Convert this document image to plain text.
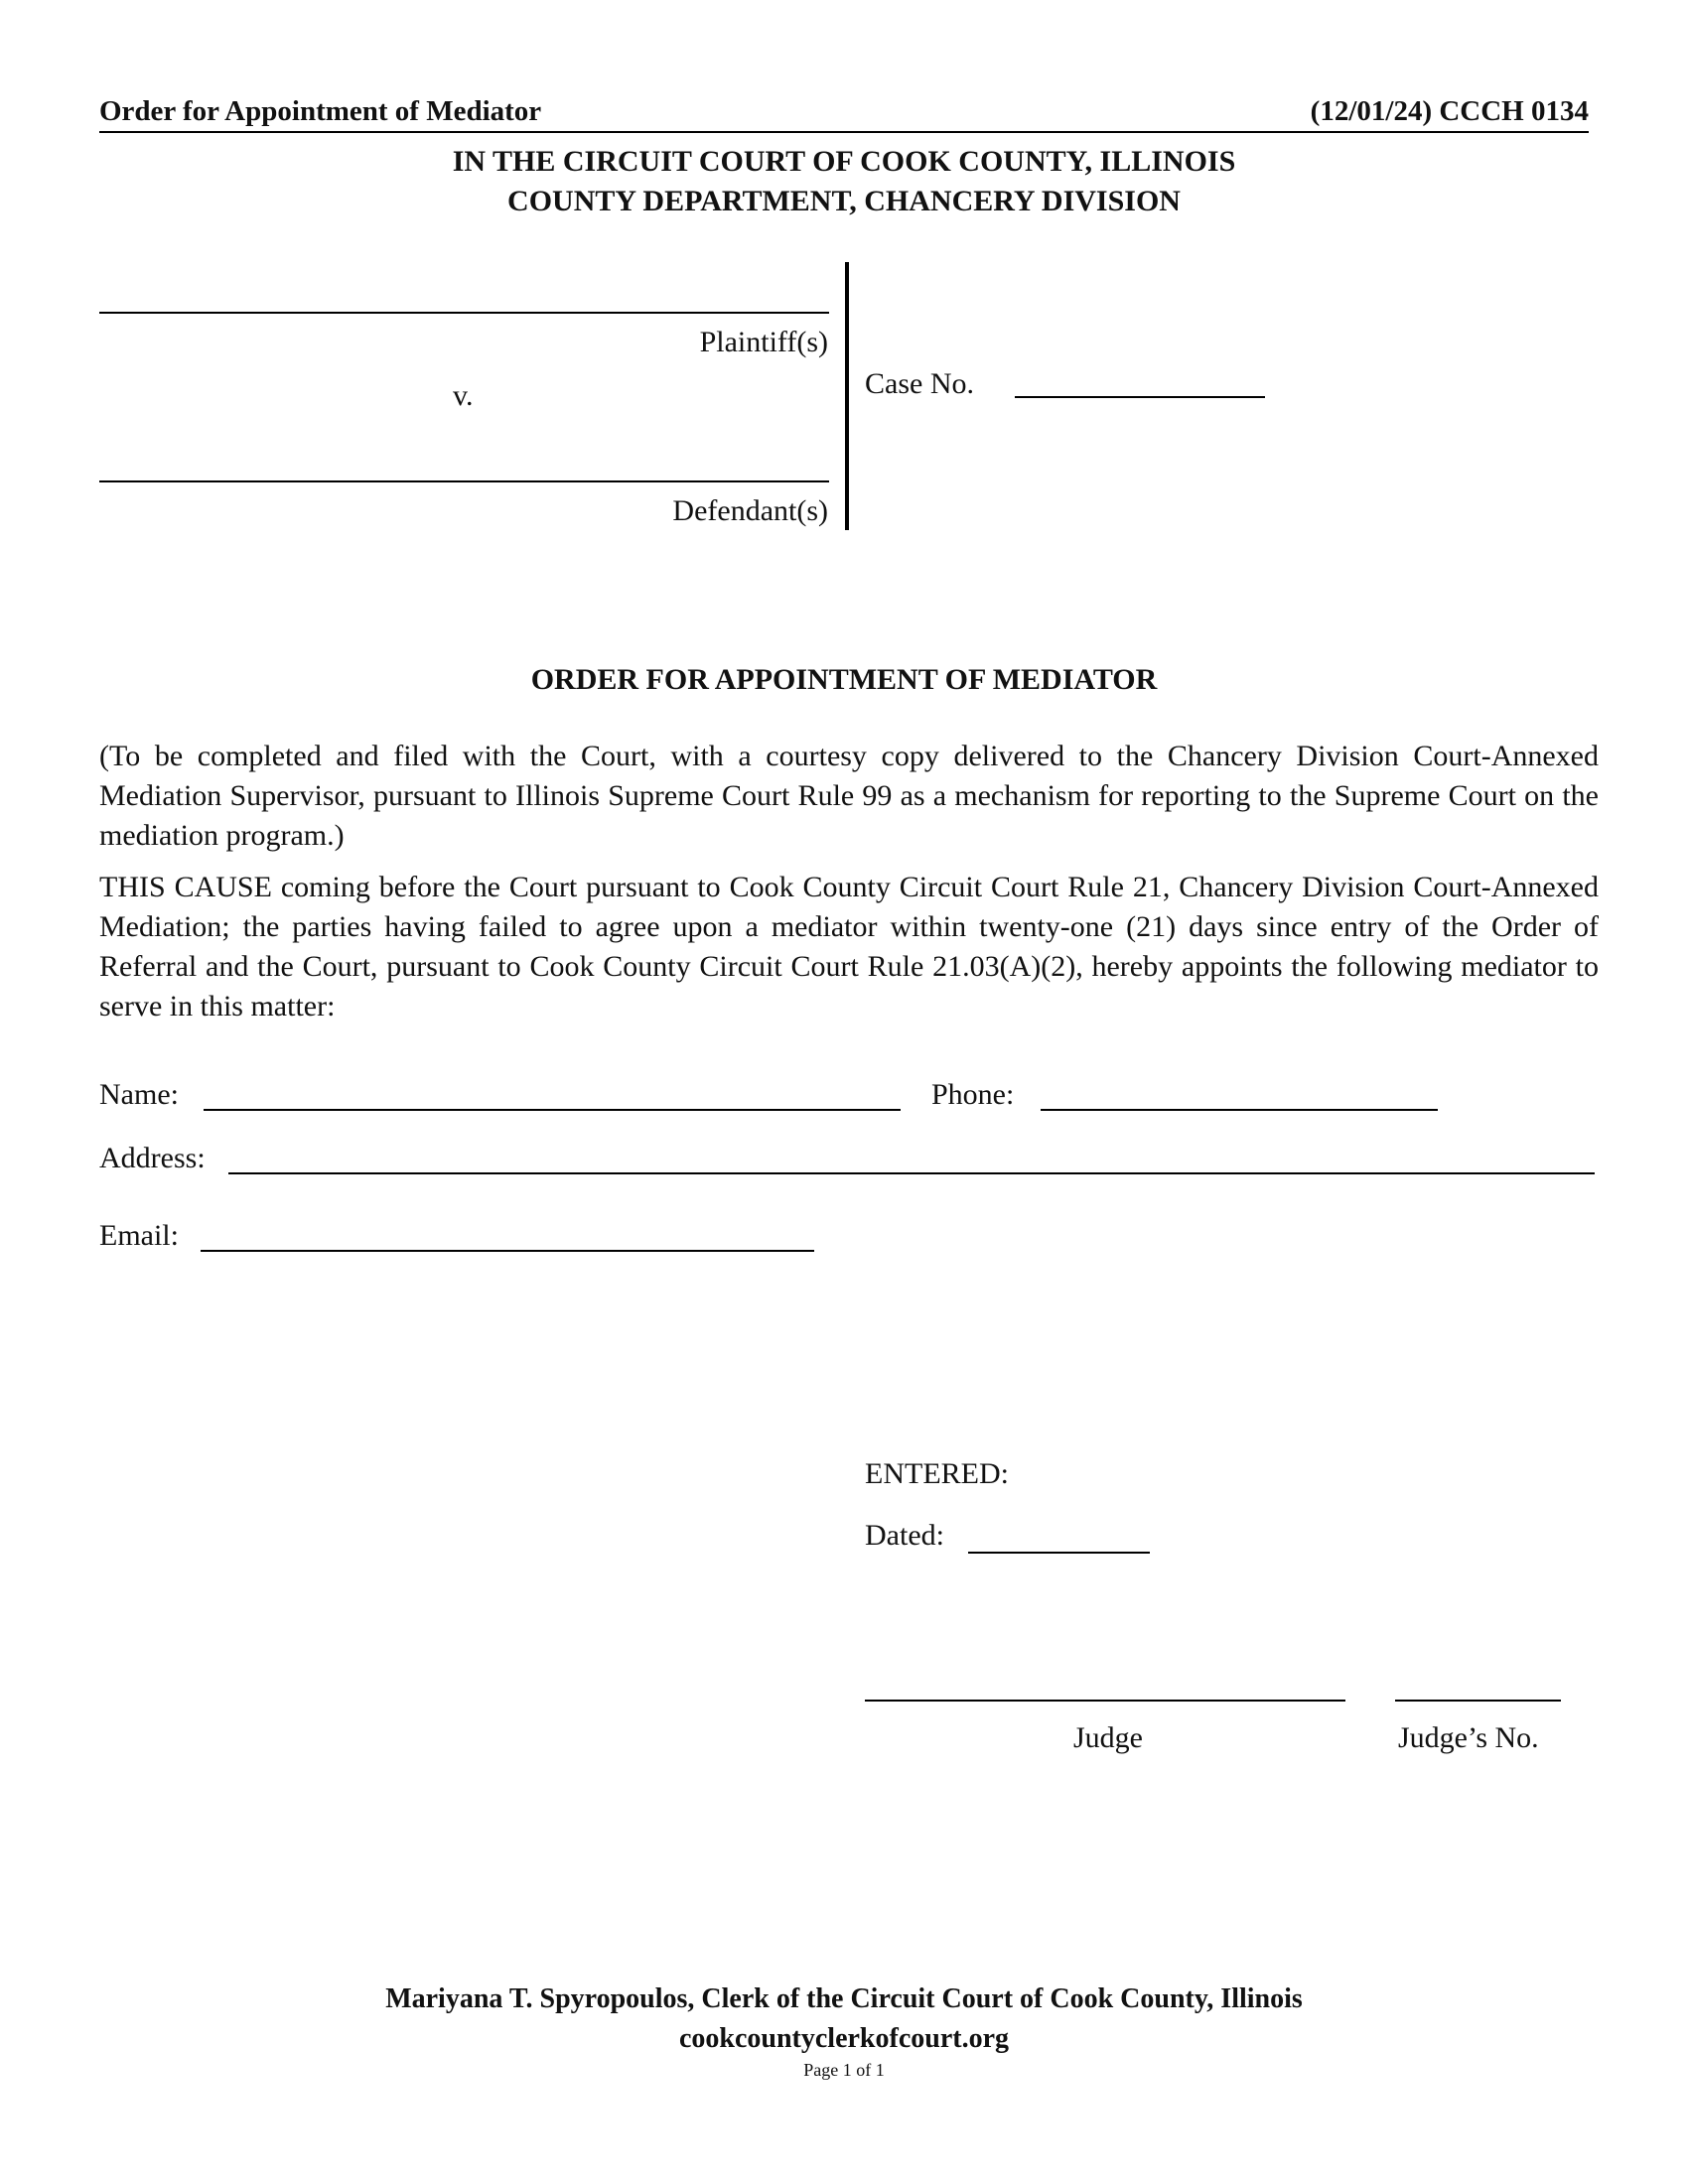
Order for Appointment of Mediator	(12/01/24) CCCH 0134
IN THE CIRCUIT COURT OF COOK COUNTY, ILLINOIS
COUNTY DEPARTMENT, CHANCERY DIVISION
Plaintiff(s)
v.
Defendant(s)
Case No.
ORDER FOR APPOINTMENT OF MEDIATOR
(To be completed and filed with the Court, with a courtesy copy delivered to the Chancery Division Court-Annexed Mediation Supervisor, pursuant to Illinois Supreme Court Rule 99 as a mechanism for reporting to the Supreme Court on the mediation program.)
THIS CAUSE coming before the Court pursuant to Cook County Circuit Court Rule 21, Chancery Division Court-Annexed Mediation; the parties having failed to agree upon a mediator within twenty-one (21) days since entry of the Order of Referral and the Court, pursuant to Cook County Circuit Court Rule 21.03(A)(2), hereby appoints the following mediator to serve in this matter:
Name:	Phone:
Address:
Email:
ENTERED:
Dated:
Judge	Judge’s No.
Mariyana T. Spyropoulos, Clerk of the Circuit Court of Cook County, Illinois
cookcountyclerkofcourt.org
Page 1 of 1
